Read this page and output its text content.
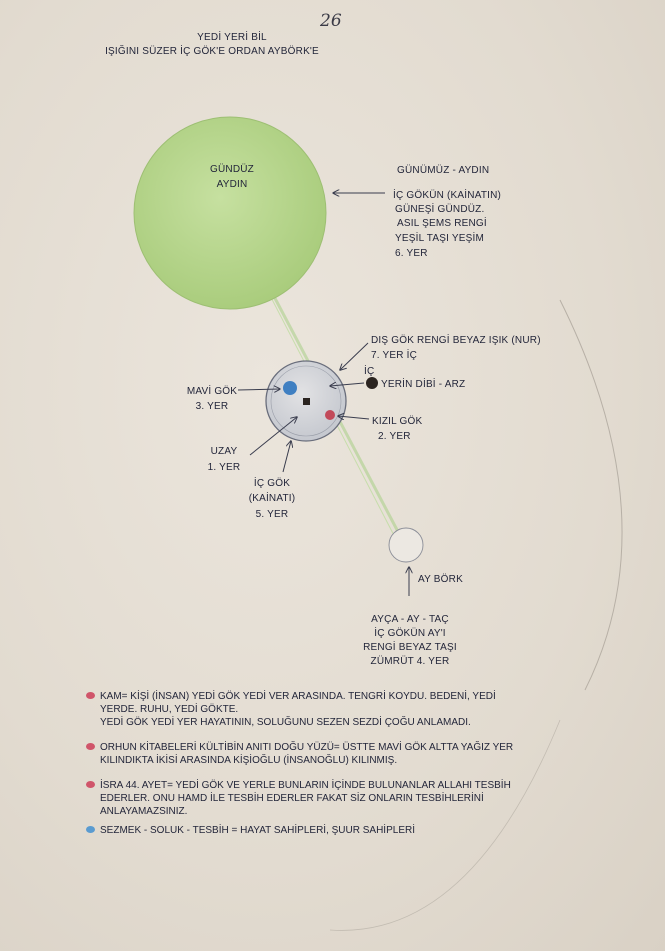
26
YEDİ YERİ BİL
IŞIĞINI SÜZER İÇ GÖK'E ORDAN AYBÖRK'E
GÜNDÜZ
AYDIN
GÜNÜMÜZ - AYDIN
İÇ GÖKÜN (KAİNATIN)
GÜNEŞİ GÜNDÜZ.
ASIL ŞEMS RENGİ
YEŞİL TAŞI YEŞİM
6. YER
DIŞ GÖK RENGİ BEYAZ IŞIK (NUR)
7. YER İÇ
İÇ
YERİN DİBİ - ARZ
MAVİ GÖK
3. YER
KIZIL GÖK
2. YER
UZAY
1. YER
İÇ GÖK
(KAİNATI)
5. YER
AY BÖRK
AYÇA - AY - TAÇ
İÇ GÖKÜN AY'I
RENGİ BEYAZ TAŞI
ZÜMRÜT 4. YER

KAM= KİŞİ (İNSAN) YEDİ GÖK YEDİ VER ARASINDA. TENGRİ KOYDU. BEDENİ, YEDİ

YERDE. RUHU, YEDİ GÖKTE.

YEDİ GÖK YEDİ YER HAYATININ, SOLUĞUNU SEZEN SEZDİ ÇOĞU ANLAMADI.

ORHUN KİTABELERİ KÜLTİBİN ANITI DOĞU YÜZÜ= ÜSTTE MAVİ GÖK ALTTA YAĞIZ YER

KILINDIKTA İKİSİ ARASINDA KİŞİOĞLU (İNSANOĞLU) KILINMIŞ.

İSRA 44. AYET= YEDİ GÖK VE YERLE BUNLARIN İÇİNDE BULUNANLAR ALLAHI TESBİH

EDERLER. ONU HAMD İLE TESBİH EDERLER FAKAT SİZ ONLARIN TESBİHLERİNİ

ANLAYAMAZSINIZ.

SEZMEK - SOLUK - TESBİH = HAYAT SAHİPLERİ, ŞUUR SAHİPLERİ
